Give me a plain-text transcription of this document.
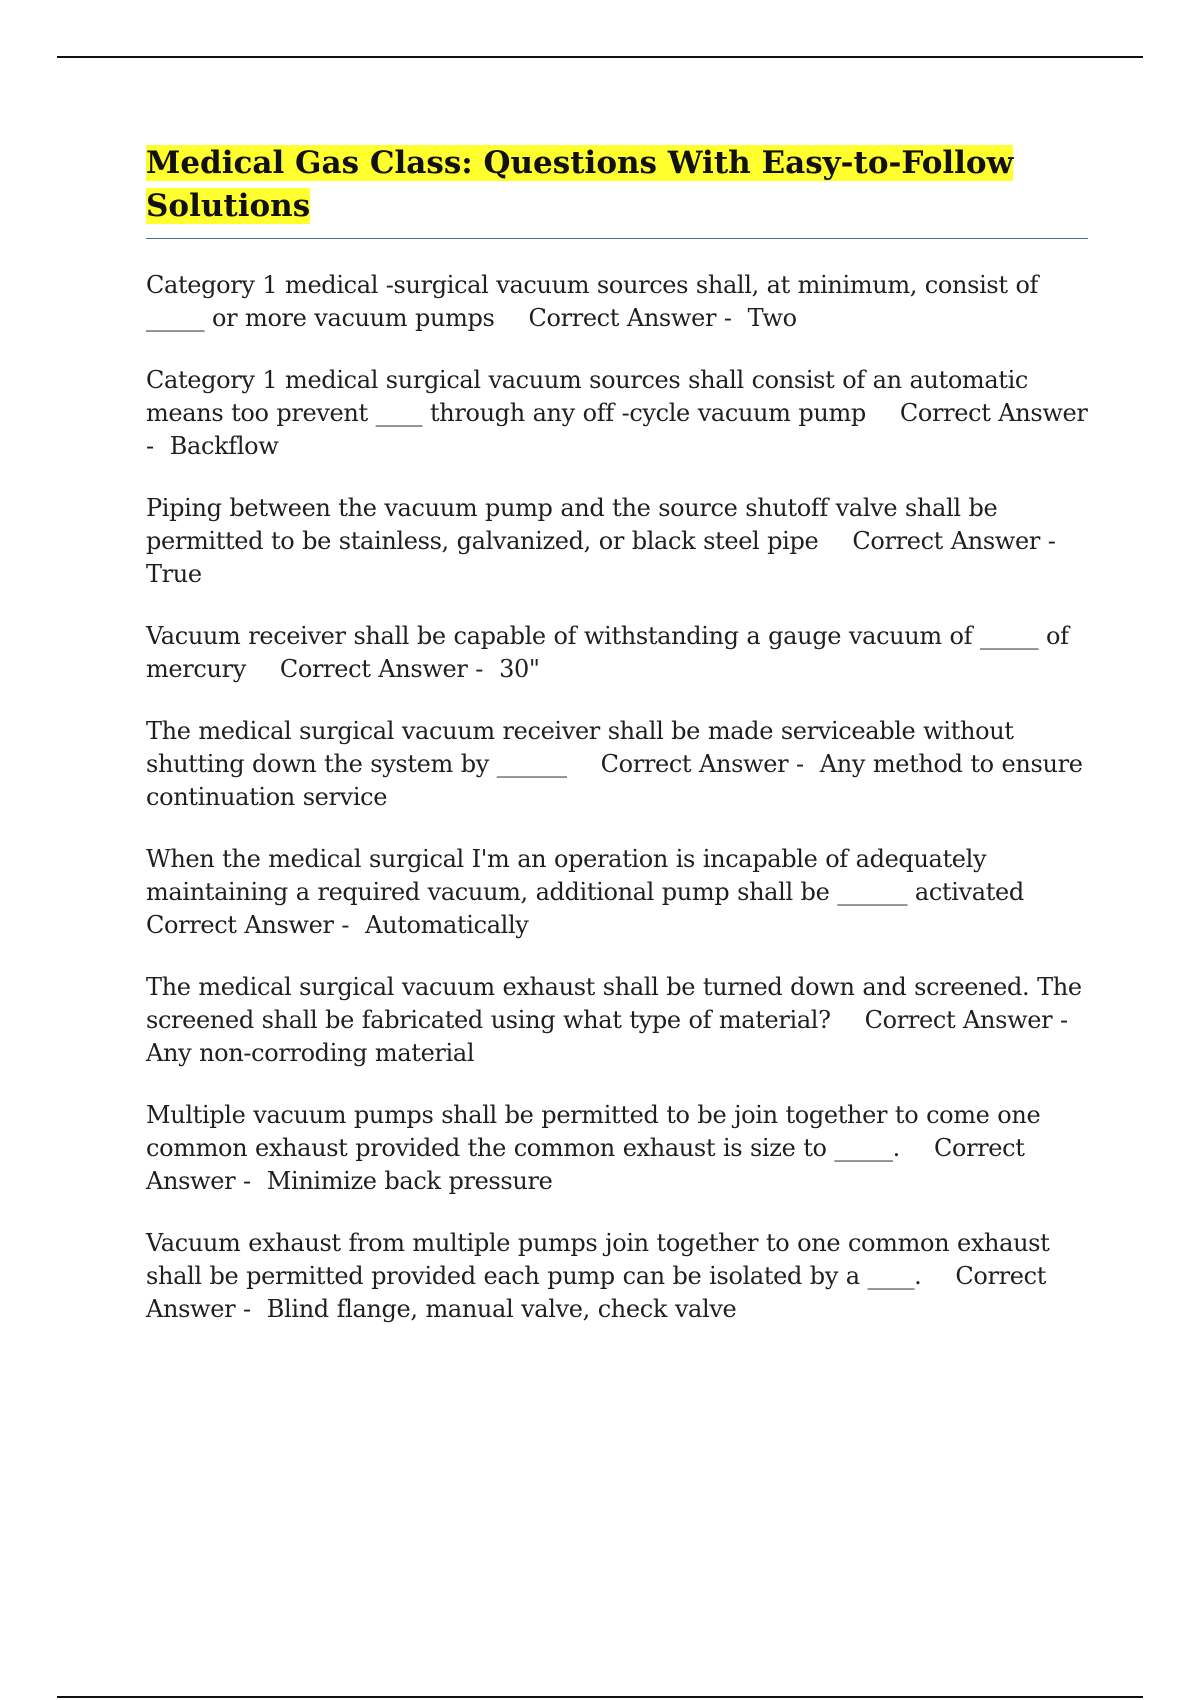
Medical Gas Class: Questions With Easy-to-Follow Solutions

Category 1 medical -surgical vacuum sources shall, at minimum, consist of _____ or more vacuum pumps Correct Answer - Two

Category 1 medical surgical vacuum sources shall consist of an automatic means too prevent ____ through any off -cycle vacuum pump Correct Answer - Backflow

Piping between the vacuum pump and the source shutoff valve shall be permitted to be stainless, galvanized, or black steel pipe Correct Answer -True

Vacuum receiver shall be capable of withstanding a gauge vacuum of _____ of mercury Correct Answer - 30"

The medical surgical vacuum receiver shall be made serviceable without shutting down the system by ______ Correct Answer - Any method to ensure continuation service

When the medical surgical I'm an operation is incapable of adequately maintaining a required vacuum, additional pump shall be ______ activatedCorrect Answer - Automatically

The medical surgical vacuum exhaust shall be turned down and screened. The screened shall be fabricated using what type of material? Correct Answer -Any non-corroding material

Multiple vacuum pumps shall be permitted to be join together to come one common exhaust provided the common exhaust is size to _____. Correct Answer - Minimize back pressure

Vacuum exhaust from multiple pumps join together to one common exhaust shall be permitted provided each pump can be isolated by a ____. Correct Answer - Blind flange, manual valve, check valve
